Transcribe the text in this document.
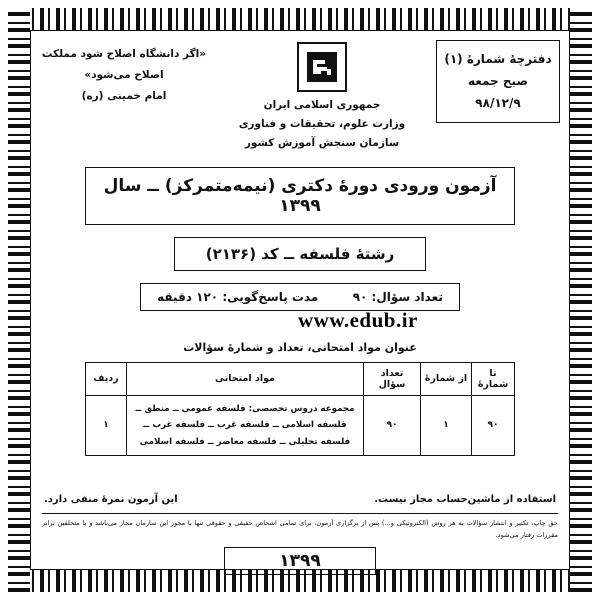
دفترچۀ شمارۀ (۱)
صبح جمعه
۹۸/۱۲/۹
جمهوری اسلامی ایران
وزارت علوم، تحقیقات و فناوری
سازمان سنجش آموزش کشور
«اگر دانشگاه اصلاح شود مملکت اصلاح می‌شود»
امام خمینی (ره)
آزمون ورودی دورۀ دکتری (نیمه‌متمرکز) ــ سال ۱۳۹۹
رشتۀ فلسفه ــ کد (۲۱۳۶)
تعداد سؤال: ۹۰  مدت پاسخ‌گویی: ۱۲۰ دقیقه
www.edub.ir
عنوان مواد امتحانی، تعداد و شمارۀ سؤالات
تا شمارۀ	از شمارۀ	تعداد سؤال	مواد امتحانی	ردیف
۹۰	۱	۹۰	مجموعه دروس تخصصی: فلسفه عمومی ــ منطق ــ فلسفه اسلامی ــ فلسفه غرب ــ فلسفه غرب ــ فلسفه تحلیلی ــ فلسفه معاصر ــ فلسفه اسلامی	۱
استفاده از ماشین‌حساب مجاز نیست.
این آزمون نمرۀ منفی دارد.
حق چاپ، تکثیر و انتشار سؤالات به هر روش (الکترونیکی و...) پس از برگزاری آزمون، برای تمامی اشخاص حقیقی و حقوقی تنها با مجوز این سازمان مجاز می‌باشد و با متخلفین برابر مقررات رفتار می‌شود.
۱۳۹۹
